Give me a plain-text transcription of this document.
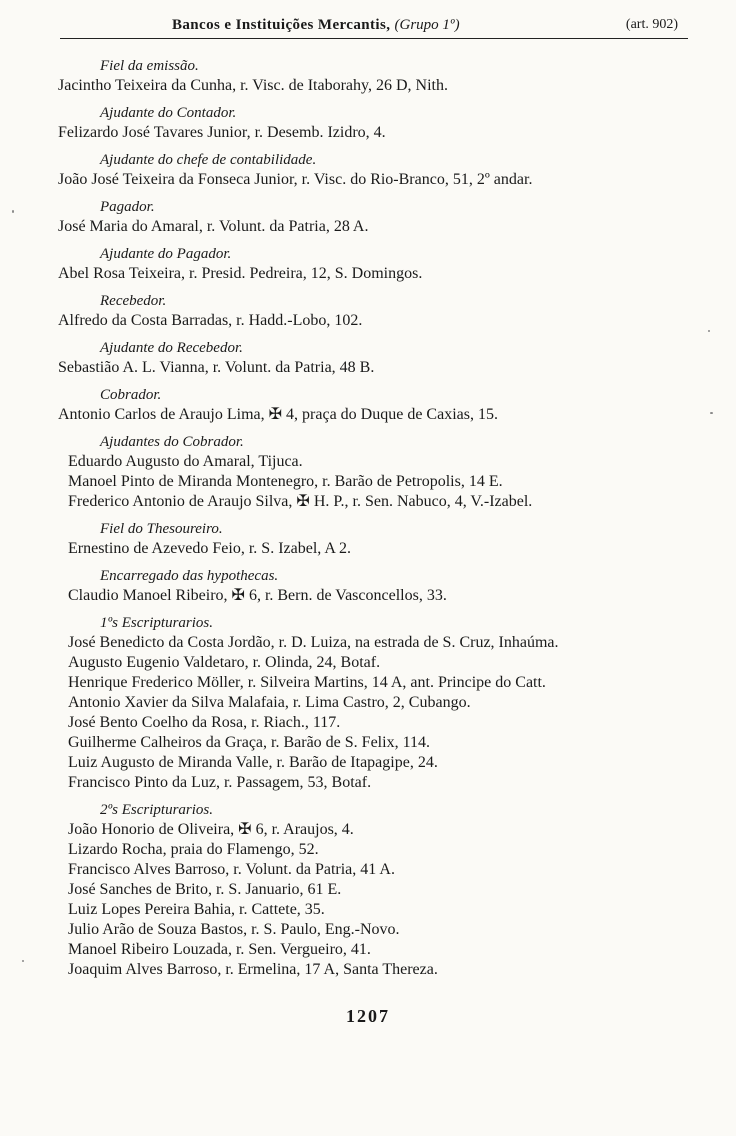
Bancos e Instituições Mercantis, (Grupo 1º)	(art. 902)
Fiel da emissão.
Jacintho Teixeira da Cunha, r. Visc. de Itaborahy, 26 D, Nith.
Ajudante do Contador.
Felizardo José Tavares Junior, r. Desemb. Izidro, 4.
Ajudante do chefe de contabilidade.
João José Teixeira da Fonseca Junior, r. Visc. do Rio-Branco, 51, 2º andar.
Pagador.
José Maria do Amaral, r. Volunt. da Patria, 28 A.
Ajudante do Pagador.
Abel Rosa Teixeira, r. Presid. Pedreira, 12, S. Domingos.
Recebedor.
Alfredo da Costa Barradas, r. Hadd.-Lobo, 102.
Ajudante do Recebedor.
Sebastião A. L. Vianna, r. Volunt. da Patria, 48 B.
Cobrador.
Antonio Carlos de Araujo Lima, ✠ 4, praça do Duque de Caxias, 15.
Ajudantes do Cobrador.
Eduardo Augusto do Amaral, Tijuca.
Manoel Pinto de Miranda Montenegro, r. Barão de Petropolis, 14 E.
Frederico Antonio de Araujo Silva, ✠ H. P., r. Sen. Nabuco, 4, V.-Izabel.
Fiel do Thesoureiro.
Ernestino de Azevedo Feio, r. S. Izabel, A 2.
Encarregado das hypothecas.
Claudio Manoel Ribeiro, ✠ 6, r. Bern. de Vasconcellos, 33.
1ºs Escripturarios.
José Benedicto da Costa Jordão, r. D. Luiza, na estrada de S. Cruz, Inhaúma.
Augusto Eugenio Valdetaro, r. Olinda, 24, Botaf.
Henrique Frederico Möller, r. Silveira Martins, 14 A, ant. Principe do Catt.
Antonio Xavier da Silva Malafaia, r. Lima Castro, 2, Cubango.
José Bento Coelho da Rosa, r. Riach., 117.
Guilherme Calheiros da Graça, r. Barão de S. Felix, 114.
Luiz Augusto de Miranda Valle, r. Barão de Itapagipe, 24.
Francisco Pinto da Luz, r. Passagem, 53, Botaf.
2ºs Escripturarios.
João Honorio de Oliveira, ✠ 6, r. Araujos, 4.
Lizardo Rocha, praia do Flamengo, 52.
Francisco Alves Barroso, r. Volunt. da Patria, 41 A.
José Sanches de Brito, r. S. Januario, 61 E.
Luiz Lopes Pereira Bahia, r. Cattete, 35.
Julio Arão de Souza Bastos, r. S. Paulo, Eng.-Novo.
Manoel Ribeiro Louzada, r. Sen. Vergueiro, 41.
Joaquim Alves Barroso, r. Ermelina, 17 A, Santa Thereza.
1207
